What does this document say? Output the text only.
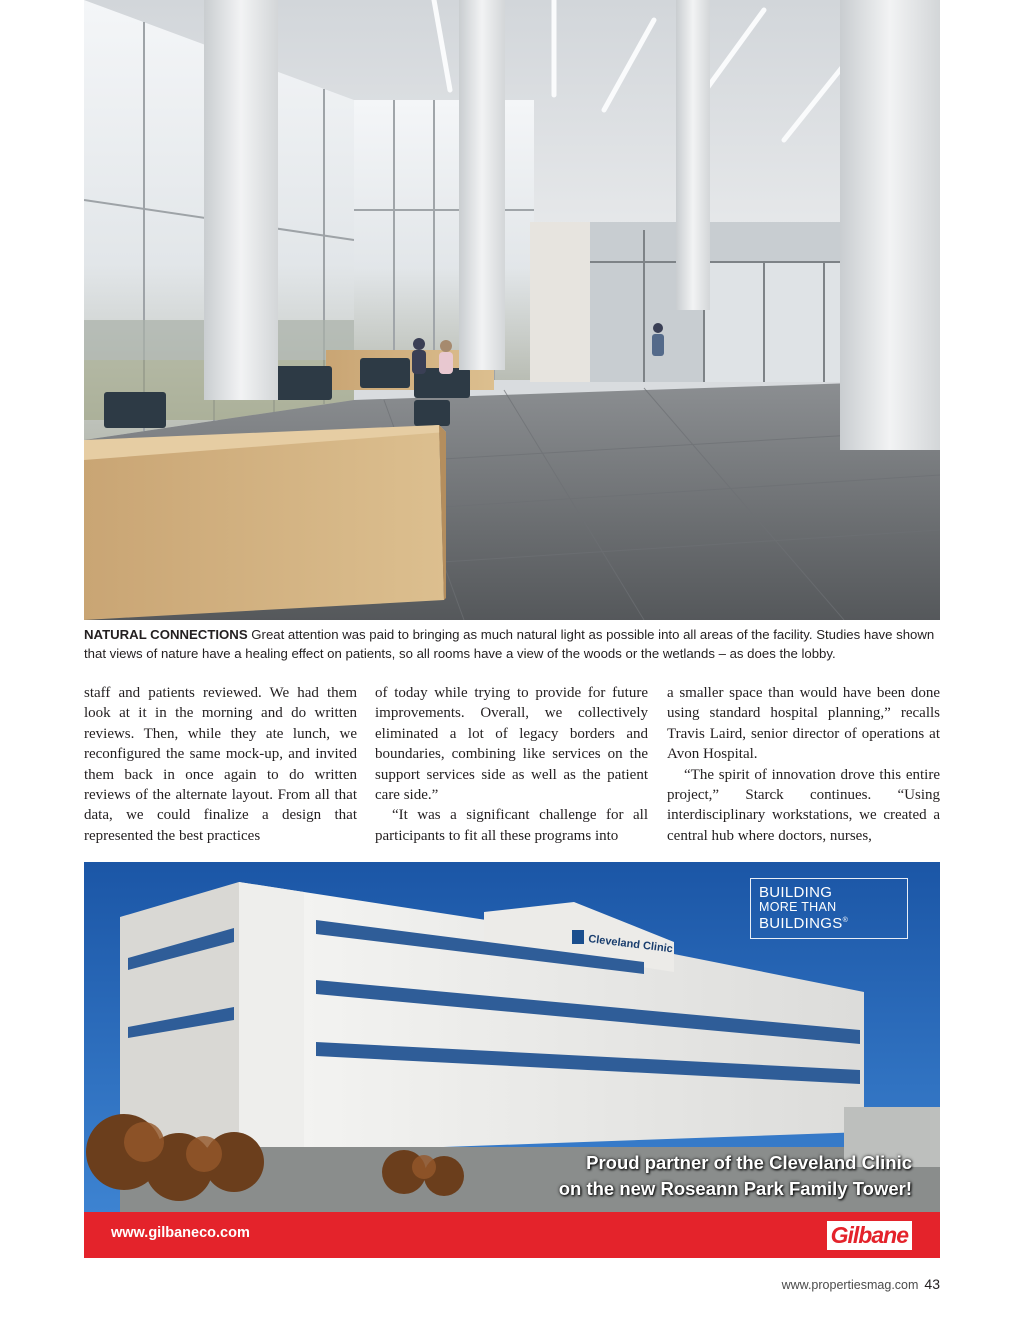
NATURAL CONNECTIONS Great attention was paid to bringing as much natural light as possible into all areas of the facility. Studies have shown that views of nature have a healing effect on patients, so all rooms have a view of the woods or the wetlands – as does the lobby.

staff and patients reviewed. We had them look at it in the morning and do written reviews. Then, while they ate lunch, we reconfigured the same mock-up, and invited them back in once again to do written reviews of the alternate layout. From all that data, we could finalize a design that represented the best practices

of today while trying to provide for future improvements. Overall, we collectively eliminated a lot of legacy borders and boundaries, combining like services on the support services side as well as the patient care side.”

“It was a significant challenge for all participants to fit all these programs into

a smaller space than would have been done using standard hospital planning,” recalls Travis Laird, senior director of operations at Avon Hospital.

“The spirit of innovation drove this entire project,” Starck continues. “Using interdisciplinary workstations, we created a central hub where doctors, nurses,

Cleveland Clinic
BUILDING
MORE THAN
BUILDINGS®
Proud partner of the Cleveland Clinic
on the new Roseann Park Family Tower!
www.gilbaneco.com	Gilbane
www.propertiesmag.com 43
